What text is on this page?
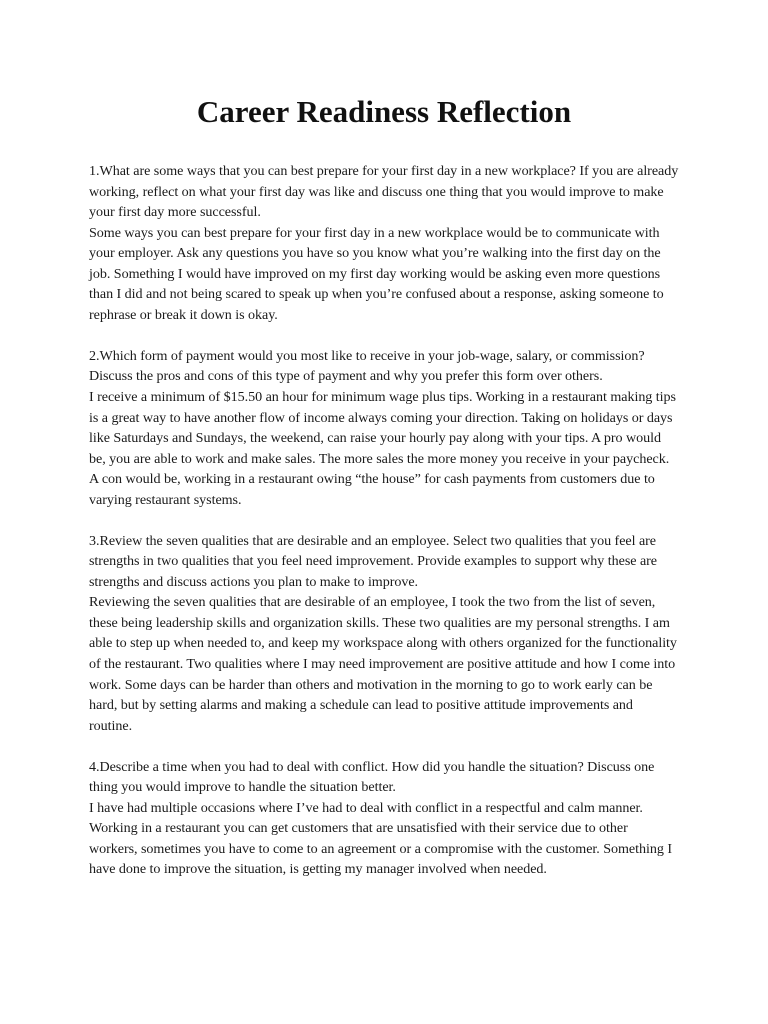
Career Readiness Reflection

1.What are some ways that you can best prepare for your first day in a new workplace? If you are already working, reflect on what your first day was like and discuss one thing that you would improve to make your first day more successful.

Some ways you can best prepare for your first day in a new workplace would be to communicate with your employer. Ask any questions you have so you know what you’re walking into the first day on the job. Something I would have improved on my first day working would be asking even more questions than I did and not being scared to speak up when you’re confused about a response, asking someone to rephrase or break it down is okay.

2.Which form of payment would you most like to receive in your job-wage, salary, or commission? Discuss the pros and cons of this type of payment and why you prefer this form over others.

I receive a minimum of $15.50 an hour for minimum wage plus tips. Working in a restaurant making tips is a great way to have another flow of income always coming your direction. Taking on holidays or days like Saturdays and Sundays, the weekend, can raise your hourly pay along with your tips. A pro would be, you are able to work and make sales. The more sales the more money you receive in your paycheck. A con would be, working in a restaurant owing “the house” for cash payments from customers due to varying restaurant systems.

3.Review the seven qualities that are desirable and an employee. Select two qualities that you feel are strengths in two qualities that you feel need improvement. Provide examples to support why these are strengths and discuss actions you plan to make to improve.

Reviewing the seven qualities that are desirable of an employee, I took the two from the list of seven, these being leadership skills and organization skills. These two qualities are my personal strengths. I am able to step up when needed to, and keep my workspace along with others organized for the functionality of the restaurant. Two qualities where I may need improvement are positive attitude and how I come into work. Some days can be harder than others and motivation in the morning to go to work early can be hard, but by setting alarms and making a schedule can lead to positive attitude improvements and routine.

4.Describe a time when you had to deal with conflict. How did you handle the situation? Discuss one thing you would improve to handle the situation better.

I have had multiple occasions where I’ve had to deal with conflict in a respectful and calm manner. Working in a restaurant you can get customers that are unsatisfied with their service due to other workers, sometimes you have to come to an agreement or a compromise with the customer. Something I have done to improve the situation, is getting my manager involved when needed.
